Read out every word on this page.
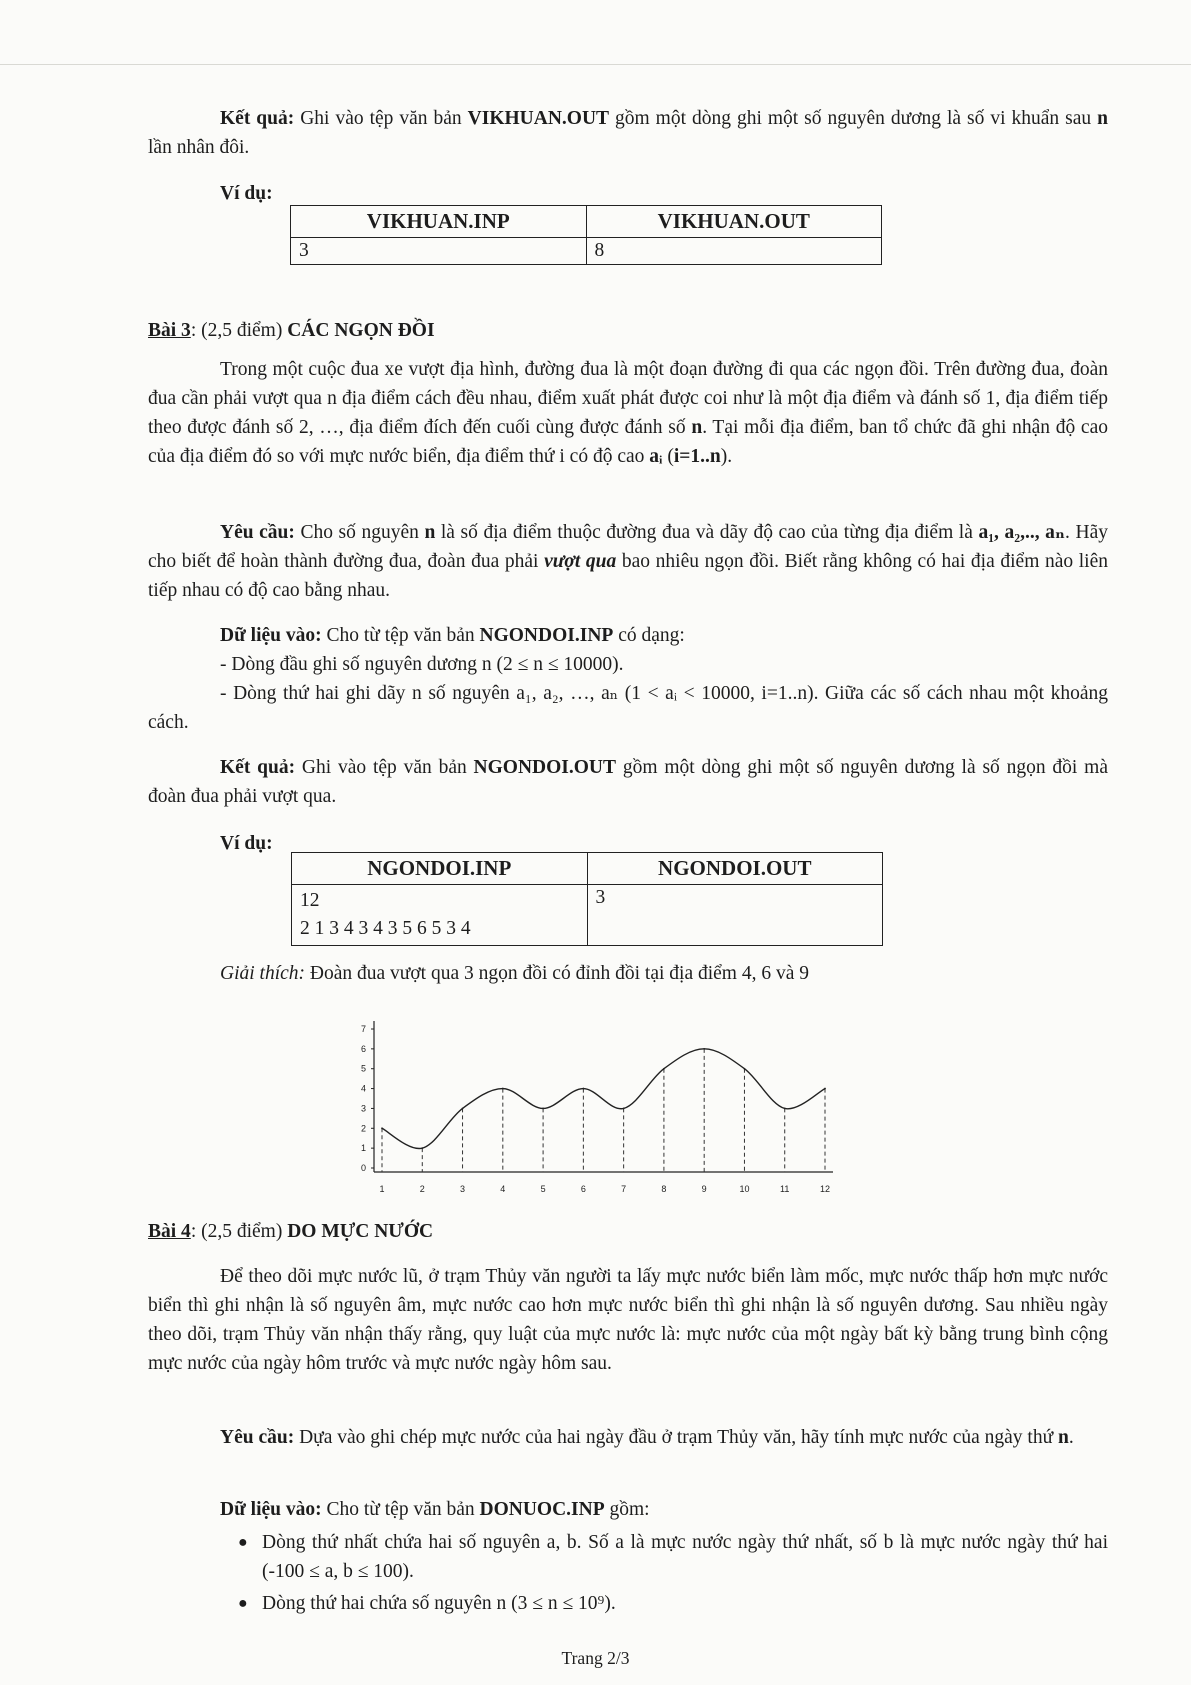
Kết quả: Ghi vào tệp văn bản VIKHUAN.OUT gồm một dòng ghi một số nguyên dương là số vi khuẩn sau n lần nhân đôi.

Ví dụ:
VIKHUAN.INP	VIKHUAN.OUT
3	8
Bài 3: (2,5 điểm) CÁC NGỌN ĐỒI

Trong một cuộc đua xe vượt địa hình, đường đua là một đoạn đường đi qua các ngọn đồi. Trên đường đua, đoàn đua cần phải vượt qua n địa điểm cách đều nhau, điểm xuất phát được coi như là một địa điểm và đánh số 1, địa điểm tiếp theo được đánh số 2, …, địa điểm đích đến cuối cùng được đánh số n. Tại mỗi địa điểm, ban tổ chức đã ghi nhận độ cao của địa điểm đó so với mực nước biển, địa điểm thứ i có độ cao aᵢ (i=1..n).

Yêu cầu: Cho số nguyên n là số địa điểm thuộc đường đua và dãy độ cao của từng địa điểm là a₁, a₂,.., aₙ. Hãy cho biết để hoàn thành đường đua, đoàn đua phải vượt qua bao nhiêu ngọn đồi. Biết rằng không có hai địa điểm nào liên tiếp nhau có độ cao bằng nhau.

Dữ liệu vào: Cho từ tệp văn bản NGONDOI.INP có dạng:

- Dòng đầu ghi số nguyên dương n (2 ≤ n ≤ 10000).

- Dòng thứ hai ghi dãy n số nguyên a₁, a₂, …, aₙ (1 < aᵢ < 10000, i=1..n). Giữa các số cách nhau một khoảng cách.

Kết quả: Ghi vào tệp văn bản NGONDOI.OUT gồm một dòng ghi một số nguyên dương là số ngọn đồi mà đoàn đua phải vượt qua.

Ví dụ:
NGONDOI.INP	NGONDOI.OUT

12
2 1 3 4 3 4 3 5 6 5 3 4	3
Giải thích: Đoàn đua vượt qua 3 ngọn đồi có đỉnh đồi tại địa điểm 4, 6 và 9
0
1
2
3
4
5
6
7
1	2	3	4	5	6	7	8	9	10	11	12
Bài 4: (2,5 điểm) DO MỰC NƯỚC

Để theo dõi mực nước lũ, ở trạm Thủy văn người ta lấy mực nước biển làm mốc, mực nước thấp hơn mực nước biển thì ghi nhận là số nguyên âm, mực nước cao hơn mực nước biển thì ghi nhận là số nguyên dương. Sau nhiều ngày theo dõi, trạm Thủy văn nhận thấy rằng, quy luật của mực nước là: mực nước của một ngày bất kỳ bằng trung bình cộng mực nước của ngày hôm trước và mực nước ngày hôm sau.

Yêu cầu: Dựa vào ghi chép mực nước của hai ngày đầu ở trạm Thủy văn, hãy tính mực nước của ngày thứ n.

Dữ liệu vào: Cho từ tệp văn bản DONUOC.INP gồm:

● Dòng thứ nhất chứa hai số nguyên a, b. Số a là mực nước ngày thứ nhất, số b là mực nước ngày thứ hai (-100 ≤ a, b ≤ 100).
● Dòng thứ hai chứa số nguyên n (3 ≤ n ≤ 10⁹).
Trang 2/3
